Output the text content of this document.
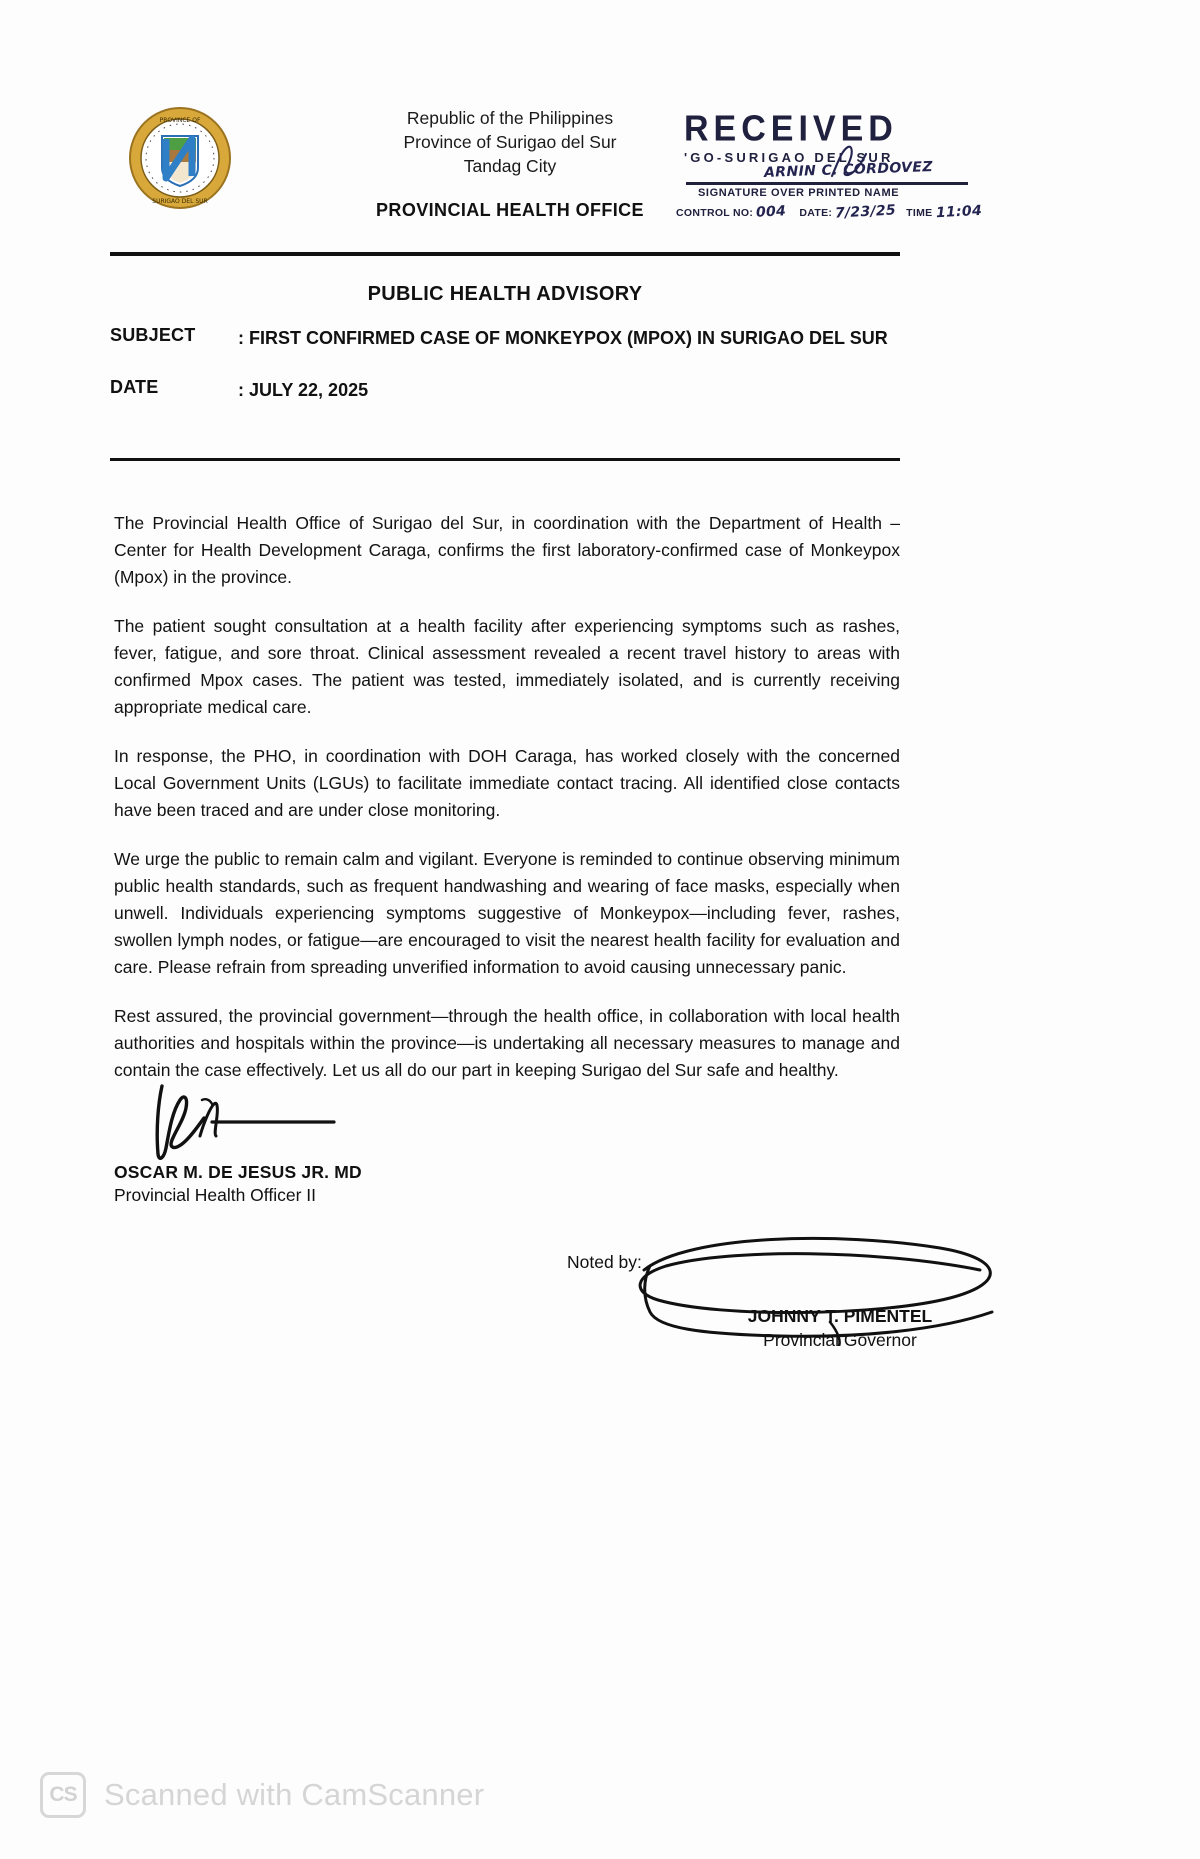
PROVINCE OF
SURIGAO DEL SUR
Republic of the Philippines
Province of Surigao del Sur
Tandag City
PROVINCIAL HEALTH OFFICE
RECEIVED
'GO-SURIGAO DEL SUR
ARNIN C. CORDOVEZ
SIGNATURE OVER PRINTED NAME
CONTROL NO: 004 DATE: 7/23/25 TIME 11:04
PUBLIC HEALTH ADVISORY
SUBJECT	: FIRST CONFIRMED CASE OF MONKEYPOX (MPOX) IN SURIGAO DEL SUR
DATE	: JULY 22, 2025

The Provincial Health Office of Surigao del Sur, in coordination with the Department of Health – Center for Health Development Caraga, confirms the first laboratory-confirmed case of Monkeypox (Mpox) in the province.

The patient sought consultation at a health facility after experiencing symptoms such as rashes, fever, fatigue, and sore throat. Clinical assessment revealed a recent travel history to areas with confirmed Mpox cases. The patient was tested, immediately isolated, and is currently receiving appropriate medical care.

In response, the PHO, in coordination with DOH Caraga, has worked closely with the concerned Local Government Units (LGUs) to facilitate immediate contact tracing. All identified close contacts have been traced and are under close monitoring.

We urge the public to remain calm and vigilant. Everyone is reminded to continue observing minimum public health standards, such as frequent handwashing and wearing of face masks, especially when unwell. Individuals experiencing symptoms suggestive of Monkeypox—including fever, rashes, swollen lymph nodes, or fatigue—are encouraged to visit the nearest health facility for evaluation and care. Please refrain from spreading unverified information to avoid causing unnecessary panic.

Rest assured, the provincial government—through the health office, in collaboration with local health authorities and hospitals within the province—is undertaking all necessary measures to manage and contain the case effectively. Let us all do our part in keeping Surigao del Sur safe and healthy.

OSCAR M. DE JESUS JR. MD
Provincial Health Officer II
Noted by:
JOHNNY T. PIMENTEL
Provincial Governor
CS Scanned with CamScanner
